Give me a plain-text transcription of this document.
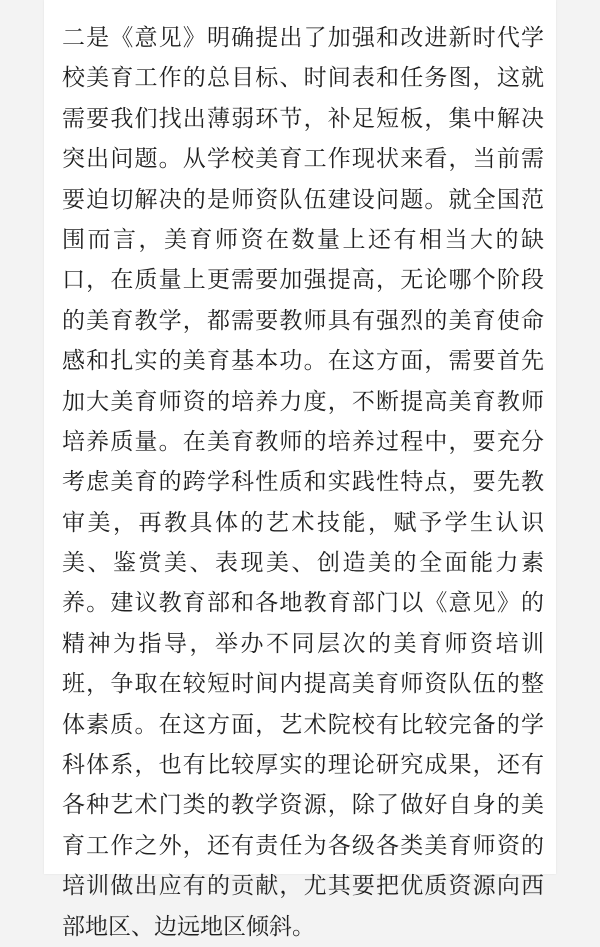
二是《意见》明确提出了加强和改进新时代学
校美育工作的总目标、时间表和任务图，这就
需要我们找出薄弱环节，补足短板，集中解决
突出问题。从学校美育工作现状来看，当前需
要迫切解决的是师资队伍建设问题。就全国范
围而言，美育师资在数量上还有相当大的缺
口，在质量上更需要加强提高，无论哪个阶段
的美育教学，都需要教师具有强烈的美育使命
感和扎实的美育基本功。在这方面，需要首先
加大美育师资的培养力度，不断提高美育教师
培养质量。在美育教师的培养过程中，要充分
考虑美育的跨学科性质和实践性特点，要先教
审美，再教具体的艺术技能，赋予学生认识
美、鉴赏美、表现美、创造美的全面能力素
养。建议教育部和各地教育部门以《意见》的
精神为指导，举办不同层次的美育师资培训
班，争取在较短时间内提高美育师资队伍的整
体素质。在这方面，艺术院校有比较完备的学
科体系，也有比较厚实的理论研究成果，还有
各种艺术门类的教学资源，除了做好自身的美
育工作之外，还有责任为各级各类美育师资的
培训做出应有的贡献，尤其要把优质资源向西
部地区、边远地区倾斜。
